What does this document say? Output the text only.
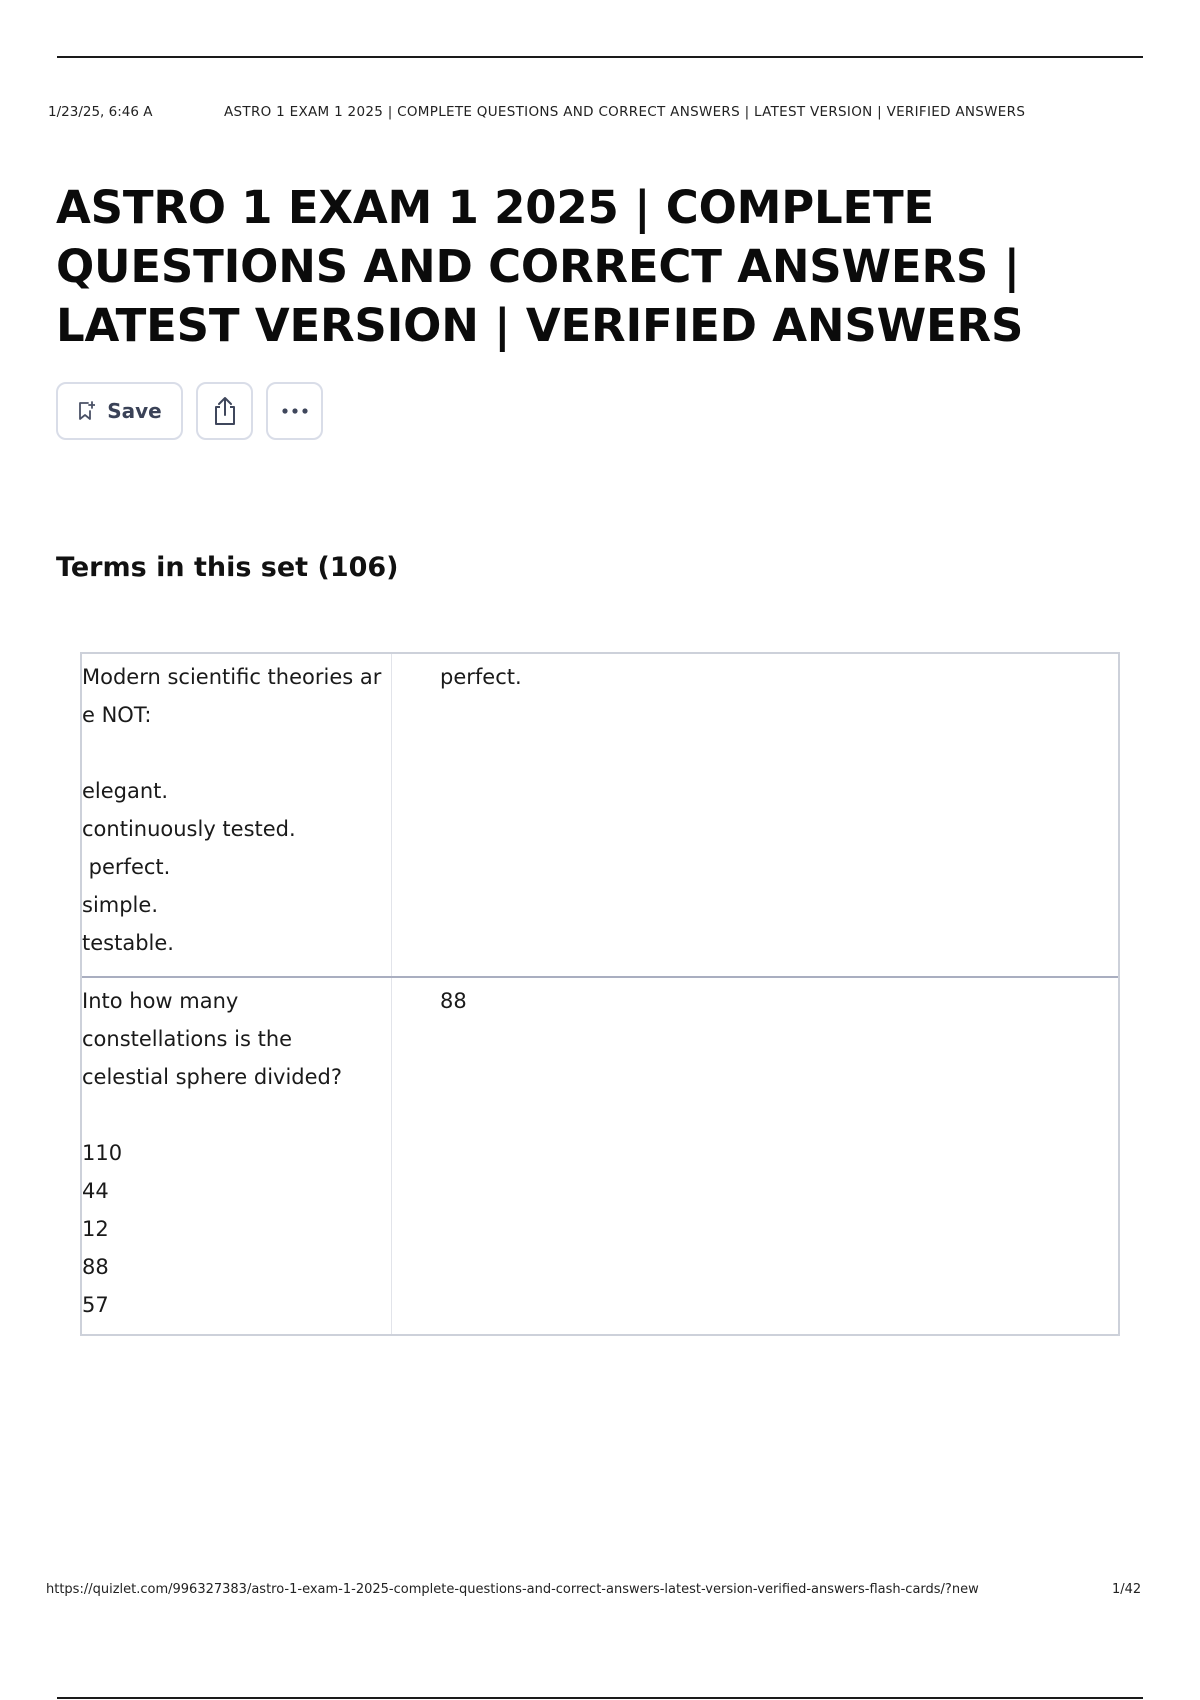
1/23/25, 6:46 A	ASTRO 1 EXAM 1 2025 | COMPLETE QUESTIONS AND CORRECT ANSWERS | LATEST VERSION | VERIFIED ANSWERS
ASTRO 1 EXAM 1 2025 | COMPLETE QUESTIONS AND CORRECT ANSWERS | LATEST VERSION | VERIFIED ANSWERS
Save
Terms in this set (106)
Modern scientific theories ar
e NOT:
elegant.
continuously tested.
perfect.
simple.
testable.
perfect.
Into how many
constellations is the
celestial sphere divided?
110
44
12
88
57
88
https://quizlet.com/996327383/astro-1-exam-1-2025-complete-questions-and-correct-answers-latest-version-verified-answers-flash-cards/?new	1/42
